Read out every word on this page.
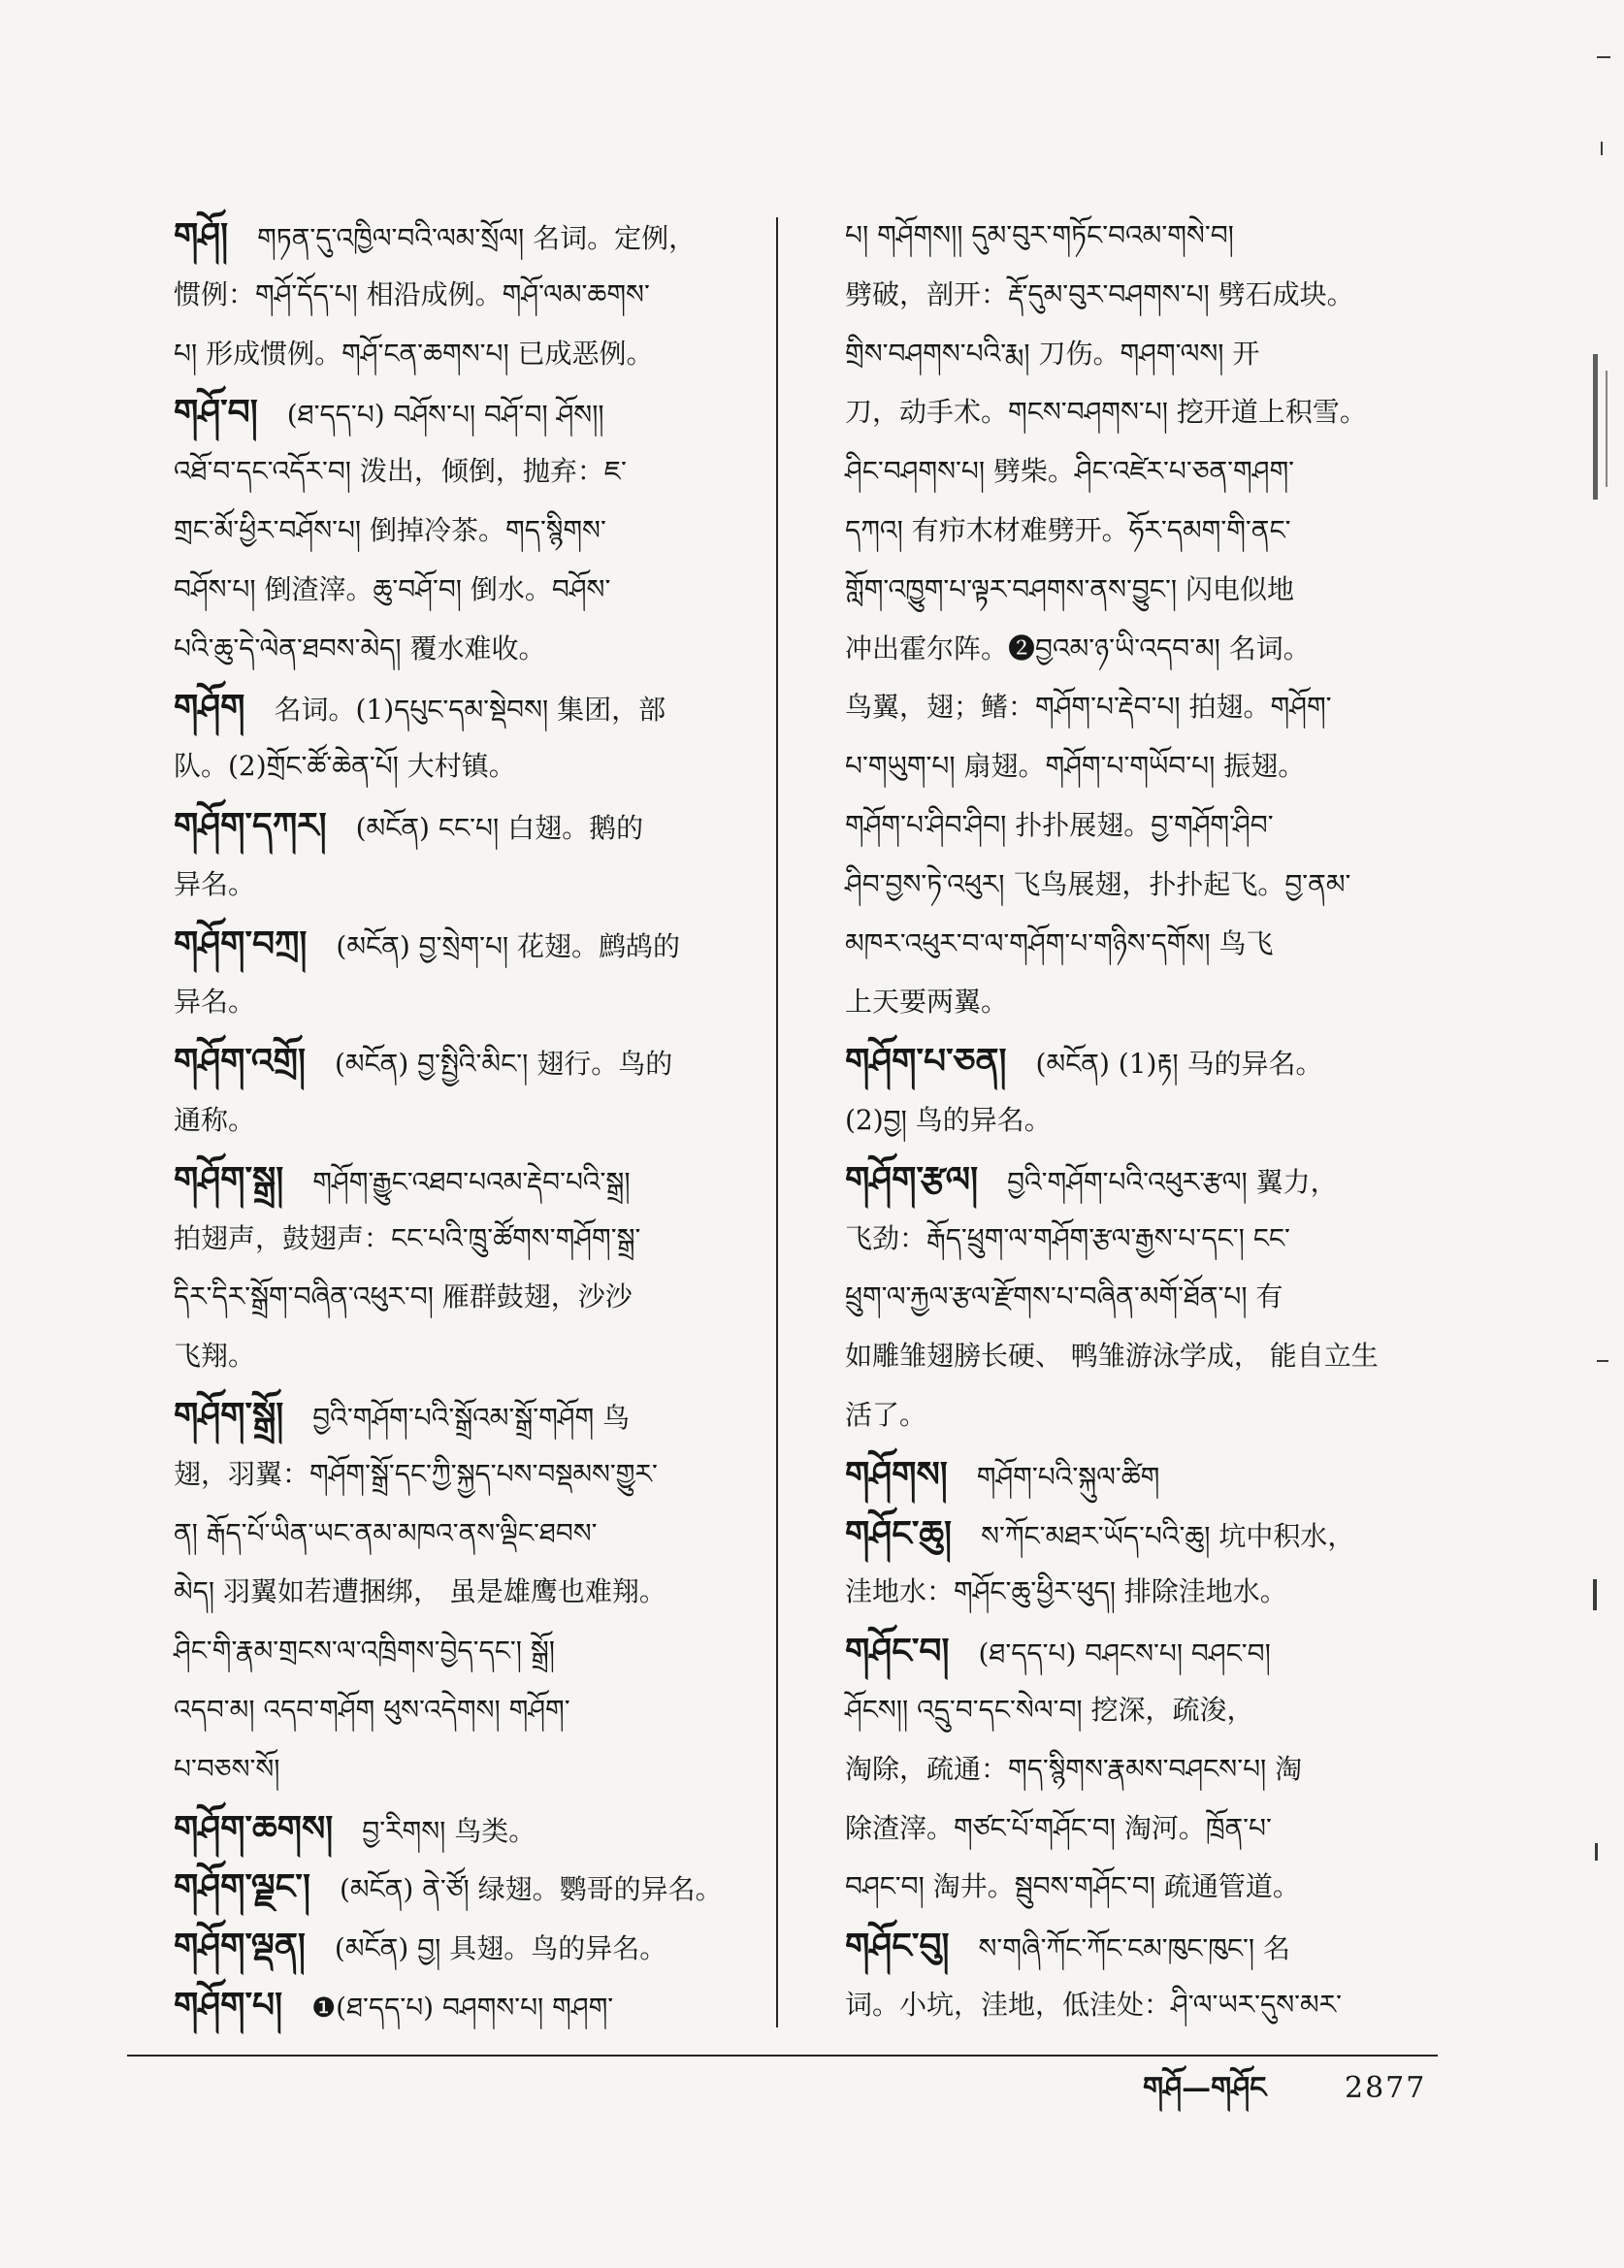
གཤོ། གཏན་དུ་འཁྱིལ་བའི་ལམ་སྲོལ། 名词。定例，
惯例：གཤོ་དོད་པ། 相沿成例。གཤོ་ལམ་ཆགས་
པ། 形成惯例。གཤོ་ངན་ཆགས་པ། 已成恶例。
གཤོ་བ། (ཐ་དད་པ) བཤོས་པ། བཤོ་བ། ཤོས།།
འཐོ་བ་དང་འདོར་བ། 泼出，倾倒，抛弃：ཇ་
གྲང་མོ་ཕྱིར་བཤོས་པ། 倒掉冷茶。གད་སྙིགས་
བཤོས་པ། 倒渣滓。ཆུ་བཤོ་བ། 倒水。བཤོས་
པའི་ཆུ་དེ་ལེན་ཐབས་མེད། 覆水难收。
གཤོག 名词。(1)དཔུང་དམ་སྡེབས། 集团，部
队。(2)གྲོང་ཚོ་ཆེན་པོ། 大村镇。
གཤོག་དཀར། (མངོན) ངང་པ། 白翅。鹅的
异名。
གཤོག་བཀྲ། (མངོན) བྱ་སྲེག་པ། 花翅。鹧鸪的
异名。
གཤོག་འགྲོ། (མངོན) བྱ་སྤྱིའི་མིང་། 翅行。鸟的
通称。
གཤོག་སྒྲ། གཤོག་རྒྱུང་འཐབ་པའམ་རྡེབ་པའི་སྒྲ།
拍翅声，鼓翅声：ངང་པའི་ཁྲུ་ཚོགས་གཤོག་སྒྲ་
དིར་དིར་སྒྲོག་བཞིན་འཕུར་བ། 雁群鼓翅，沙沙
飞翔。
གཤོག་སྒྲོ། བྱའི་གཤོག་པའི་སྒྲོའམ་སྒྲོ་གཤོག 鸟
翅，羽翼：གཤོག་སྒྲོ་དང་ཀྱི་སྐྱད་པས་བསྡམས་གྱུར་
ན། རྒོད་པོ་ཡིན་ཡང་ནམ་མཁའ་ནས་ལྡིང་ཐབས་
མེད། 羽翼如若遭捆绑， 虽是雄鹰也难翔。
ཤིང་གི་རྣམ་གྲངས་ལ་འཁྲིགས་བྱེད་དང་། སྒྲོ།
འདབ་མ། འདབ་གཤོག ཕུས་འདེགས། གཤོག་
པ་བཅས་སོ།
གཤོག་ཆགས། བྱ་རིགས། 鸟类。
གཤོག་ལྗང་། (མངོན) ནེ་ཙོ། 绿翅。鹦哥的异名。
གཤོག་ལྡན། (མངོན) བྱ། 具翅。鸟的异名。
གཤོག་པ། ❶(ཐ་དད་པ) བཤགས་པ། གཤག་
པ། གཤོགས།། དུམ་བུར་གཏོང་བའམ་གསེ་བ།
劈破，剖开：རྡོ་དུམ་བུར་བཤགས་པ། 劈石成块。
གྲིས་བཤགས་པའི་རྨ། 刀伤。གཤག་ལས། 开
刀，动手术。གངས་བཤགས་པ། 挖开道上积雪。
ཤིང་བཤགས་པ། 劈柴。ཤིང་འཛེར་པ་ཅན་གཤག་
དཀའ། 有疖木材难劈开。ཧོར་དམག་གི་ནང་
གློག་འཁྱུག་པ་ལྟར་བཤགས་ནས་བྱུང་། 闪电似地
冲出霍尔阵。❷བྱའམ་ཉ་ཡི་འདབ་མ། 名词。
鸟翼，翅；鳍：གཤོག་པ་རྡེབ་པ། 拍翅。གཤོག་
པ་གཡུག་པ། 扇翅。གཤོག་པ་གཡོབ་པ། 振翅。
གཤོག་པ་ཤིབ་ཤིབ། 扑扑展翅。བྱ་གཤོག་ཤིབ་
ཤིབ་བྱས་ཏེ་འཕུར། 飞鸟展翅，扑扑起飞。བྱ་ནམ་
མཁར་འཕུར་བ་ལ་གཤོག་པ་གཉིས་དགོས། 鸟飞
上天要两翼。
གཤོག་པ་ཅན། (མངོན) (1)རྟ། 马的异名。
(2)བྱ། 鸟的异名。
གཤོག་རྩལ། བྱའི་གཤོག་པའི་འཕུར་རྩལ། 翼力，
飞劲：རྒོད་ཕྲུག་ལ་གཤོག་རྩལ་རྒྱས་པ་དང་། ངང་
ཕྲུག་ལ་རྐྱལ་རྩལ་རྫོགས་པ་བཞིན་མགོ་ཐོན་པ། 有
如雕雏翅膀长硬、 鸭雏游泳学成， 能自立生
活了。
གཤོགས། གཤོག་པའི་སྐུལ་ཚིག
གཤོང་ཆུ། ས་ཀོང་མཐར་ཡོད་པའི་ཆུ། 坑中积水，
洼地水：གཤོང་ཆུ་ཕྱིར་ཕུད། 排除洼地水。
གཤོང་བ། (ཐ་དད་པ) བཤངས་པ། བཤང་བ།
ཤོངས།། འདྲུ་བ་དང་སེལ་བ། 挖深，疏浚，
淘除，疏通：གད་སྙིགས་རྣམས་བཤངས་པ། 淘
除渣滓。གཙང་པོ་གཤོང་བ། 淘河。ཁྲོན་པ་
བཤང་བ། 淘井。སྦུབས་གཤོང་བ། 疏通管道。
གཤོང་བུ། ས་གཞི་ཀོང་ཀོང་ངམ་ཁུང་ཁུང་། 名
词。小坑，洼地，低洼处：ཤི་ལ་ཡར་དུས་མར་
གཤོ—གཤོང	2877
